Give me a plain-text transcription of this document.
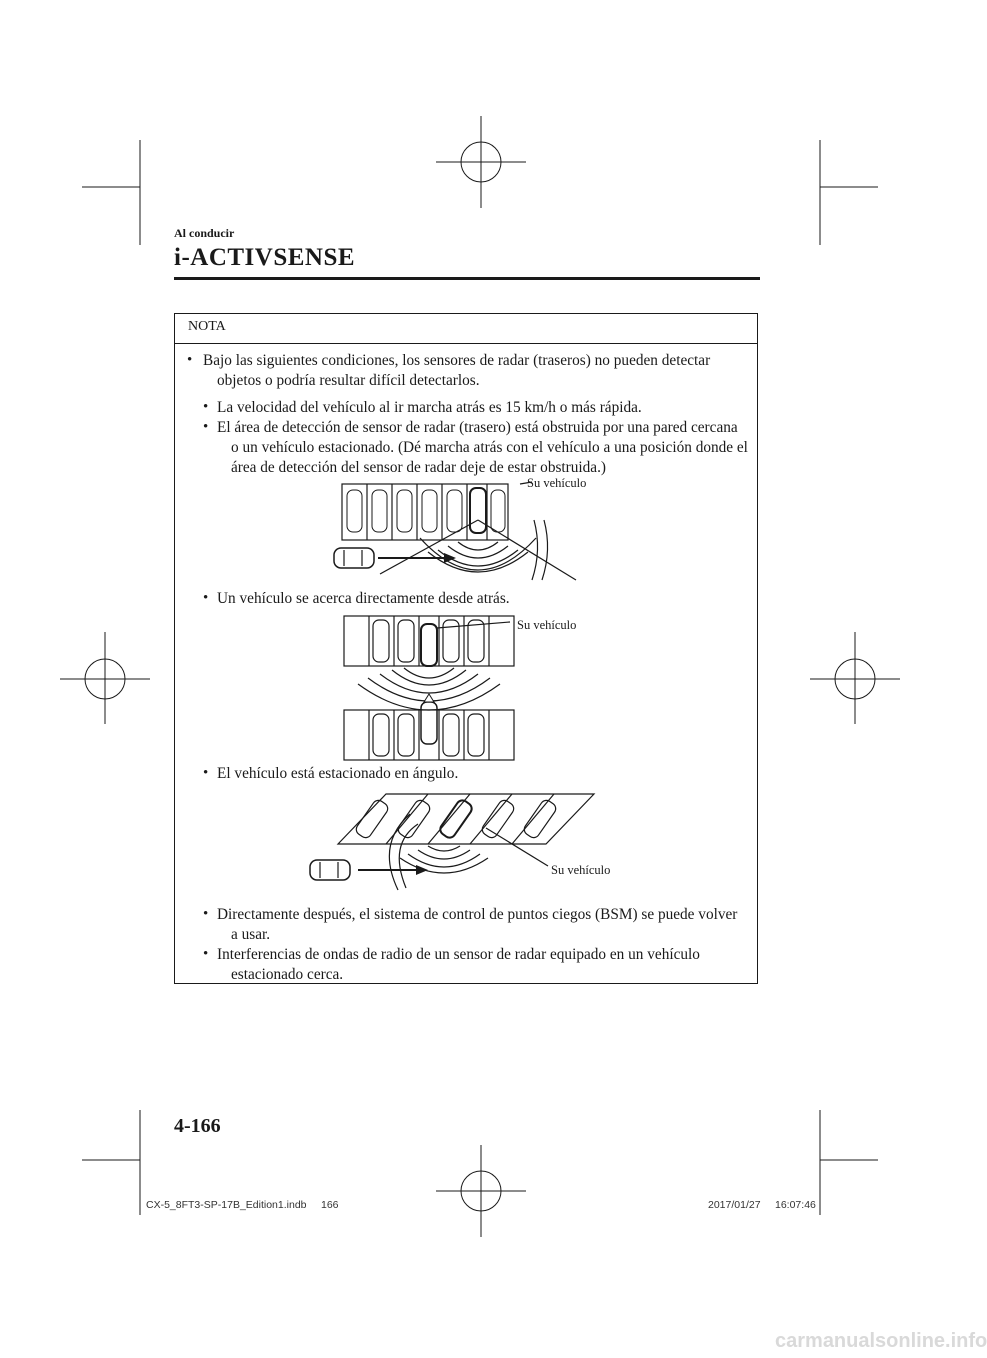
Al conducir
i-ACTIVSENSE
NOTA
• Bajo las siguientes condiciones, los sensores de radar (traseros) no pueden detectar
objetos o podría resultar difícil detectarlos.
• La velocidad del vehículo al ir marcha atrás es 15 km/h o más rápida.
• El área de detección de sensor de radar (trasero) está obstruida por una pared cercana
o un vehículo estacionado. (Dé marcha atrás con el vehículo a una posición donde el
área de detección del sensor de radar deje de estar obstruida.)
Su vehículo
• Un vehículo se acerca directamente desde atrás.
Su vehículo
• El vehículo está estacionado en ángulo.
Su vehículo
• Directamente después, el sistema de control de puntos ciegos (BSM) se puede volver
a usar.
• Interferencias de ondas de radio de un sensor de radar equipado en un vehículo
estacionado cerca.
4-166
CX-5_8FT3-SP-17B_Edition1.indb 166	2017/01/27 16:07:46
carmanualsonline.info
